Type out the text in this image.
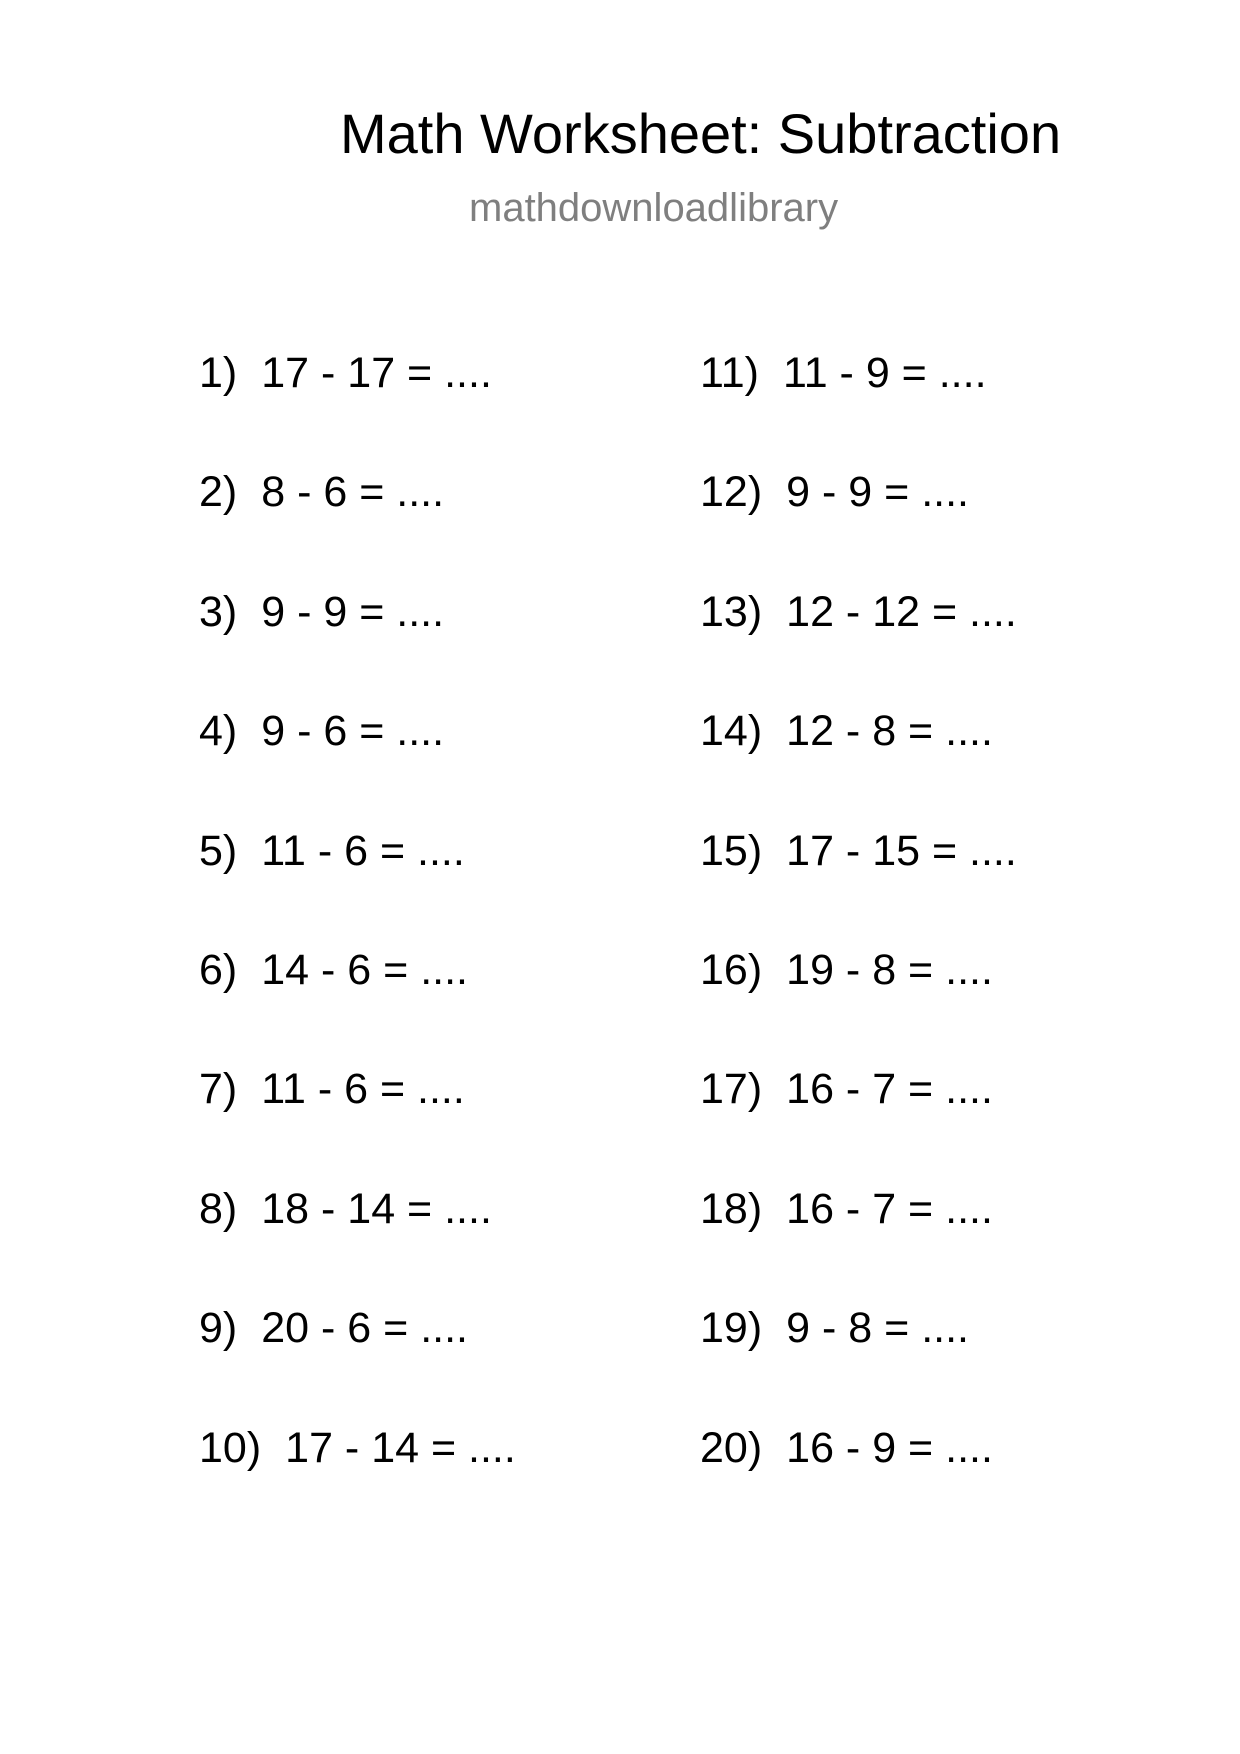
Math Worksheet: Subtraction
mathdownloadlibrary
1) 17 - 17 = ....
2) 8 - 6 = ....
3) 9 - 9 = ....
4) 9 - 6 = ....
5) 11 - 6 = ....
6) 14 - 6 = ....
7) 11 - 6 = ....
8) 18 - 14 = ....
9) 20 - 6 = ....
10) 17 - 14 = ....
11) 11 - 9 = ....
12) 9 - 9 = ....
13) 12 - 12 = ....
14) 12 - 8 = ....
15) 17 - 15 = ....
16) 19 - 8 = ....
17) 16 - 7 = ....
18) 16 - 7 = ....
19) 9 - 8 = ....
20) 16 - 9 = ....
